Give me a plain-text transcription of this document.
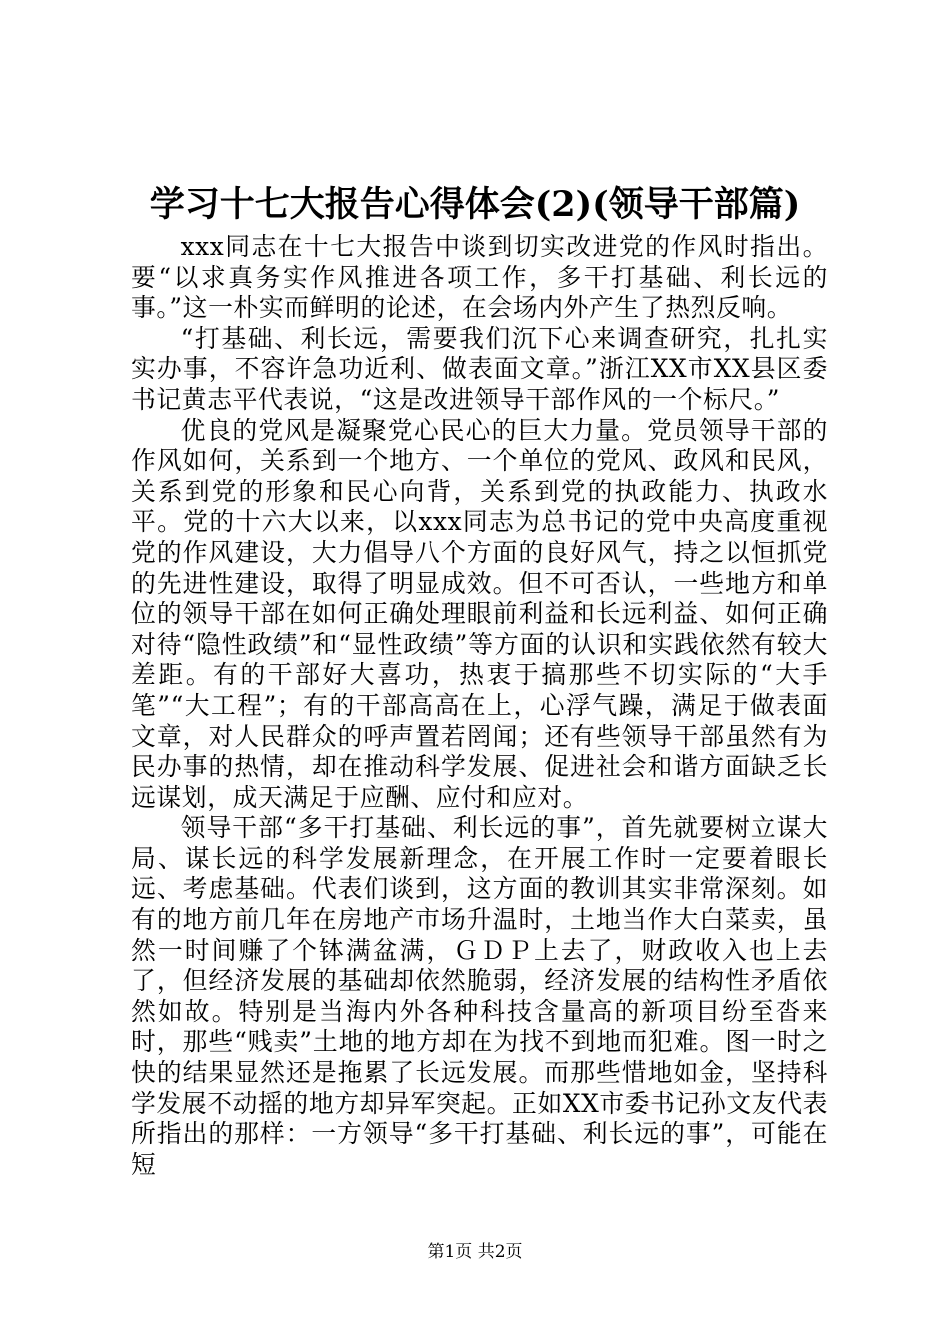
学习十七大报告心得体会(2)(领导干部篇)

xxx同志在十七大报告中谈到切实改进党的作风时指出。要“以求真务实作风推进各项工作，多干打基础、利长远的事。”这一朴实而鲜明的论述，在会场内外产生了热烈反响。

“打基础、利长远，需要我们沉下心来调查研究，扎扎实实办事，不容许急功近利、做表面文章。”浙江XX市XX县区委书记黄志平代表说，“这是改进领导干部作风的一个标尺。”

优良的党风是凝聚党心民心的巨大力量。党员领导干部的作风如何，关系到一个地方、一个单位的党风、政风和民风，关系到党的形象和民心向背，关系到党的执政能力、执政水平。党的十六大以来，以xxx同志为总书记的党中央高度重视党的作风建设，大力倡导八个方面的良好风气，持之以恒抓党的先进性建设，取得了明显成效。但不可否认，一些地方和单位的领导干部在如何正确处理眼前利益和长远利益、如何正确对待“隐性政绩”和“显性政绩”等方面的认识和实践依然有较大差距。有的干部好大喜功，热衷于搞那些不切实际的“大手笔”“大工程”；有的干部高高在上，心浮气躁，满足于做表面文章，对人民群众的呼声置若罔闻；还有些领导干部虽然有为民办事的热情，却在推动科学发展、促进社会和谐方面缺乏长远谋划，成天满足于应酬、应付和应对。

领导干部“多干打基础、利长远的事”，首先就要树立谋大局、谋长远的科学发展新理念，在开展工作时一定要着眼长远、考虑基础。代表们谈到，这方面的教训其实非常深刻。如有的地方前几年在房地产市场升温时，土地当作大白菜卖，虽然一时间赚了个钵满盆满，ＧＤＰ上去了，财政收入也上去了，但经济发展的基础却依然脆弱，经济发展的结构性矛盾依然如故。特别是当海内外各种科技含量高的新项目纷至沓来时，那些“贱卖”土地的地方却在为找不到地而犯难。图一时之快的结果显然还是拖累了长远发展。而那些惜地如金，坚持科学发展不动摇的地方却异军突起。正如XX市委书记孙文友代表所指出的那样：一方领导“多干打基础、利长远的事”，可能在短

第1页 共2页
